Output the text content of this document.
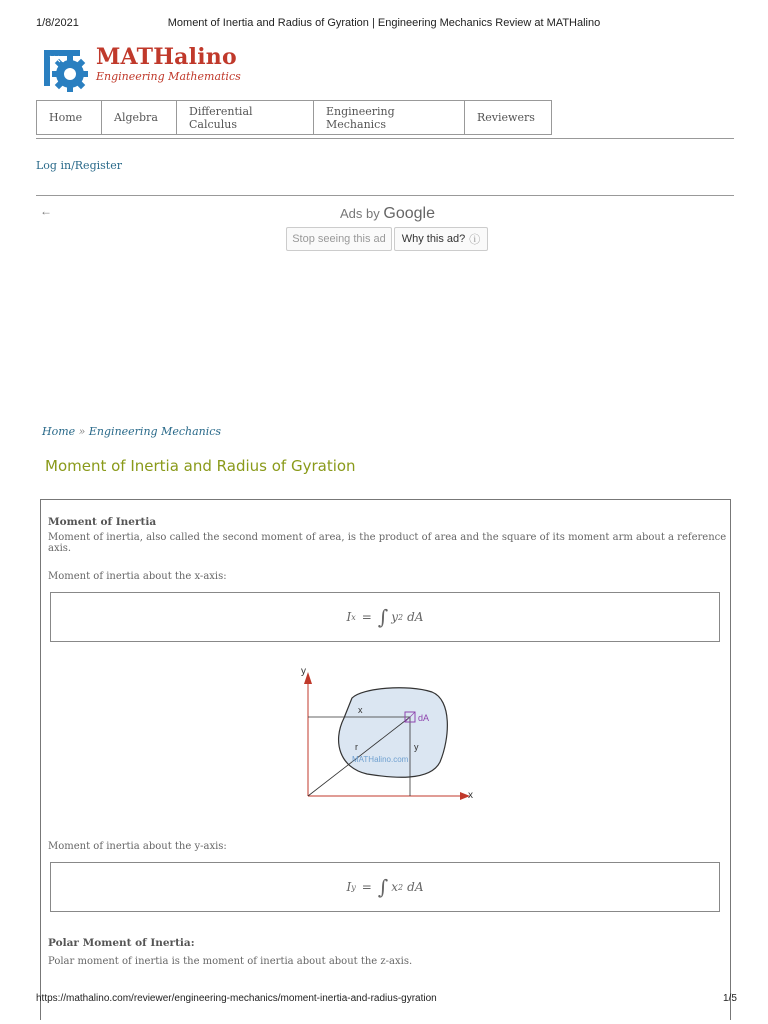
1/8/2021	Moment of Inertia and Radius of Gyration | Engineering Mechanics Review at MATHalino
MATHalino
Engineering Mathematics
Home	Algebra	Differential Calculus
Engineering Mechanics	Reviewers
Log in/Register
←	Ads by Google
Stop seeing this ad	Why this ad? ⓘ
Home » Engineering Mechanics
Moment of Inertia and Radius of Gyration
Moment of Inertia
Moment of inertia, also called the second moment of area, is the product of area and the square of its moment arm about a reference axis.
Moment of inertia about the x-axis:
I x = ∫ y 2 dA
y
x
dA
x
y
r
MATHalino.com
Moment of inertia about the y-axis:
I y = ∫ x 2 dA
Polar Moment of Inertia:
Polar moment of inertia is the moment of inertia about about the z-axis.
https://mathalino.com/reviewer/engineering-mechanics/moment-inertia-and-radius-gyration	1/5
